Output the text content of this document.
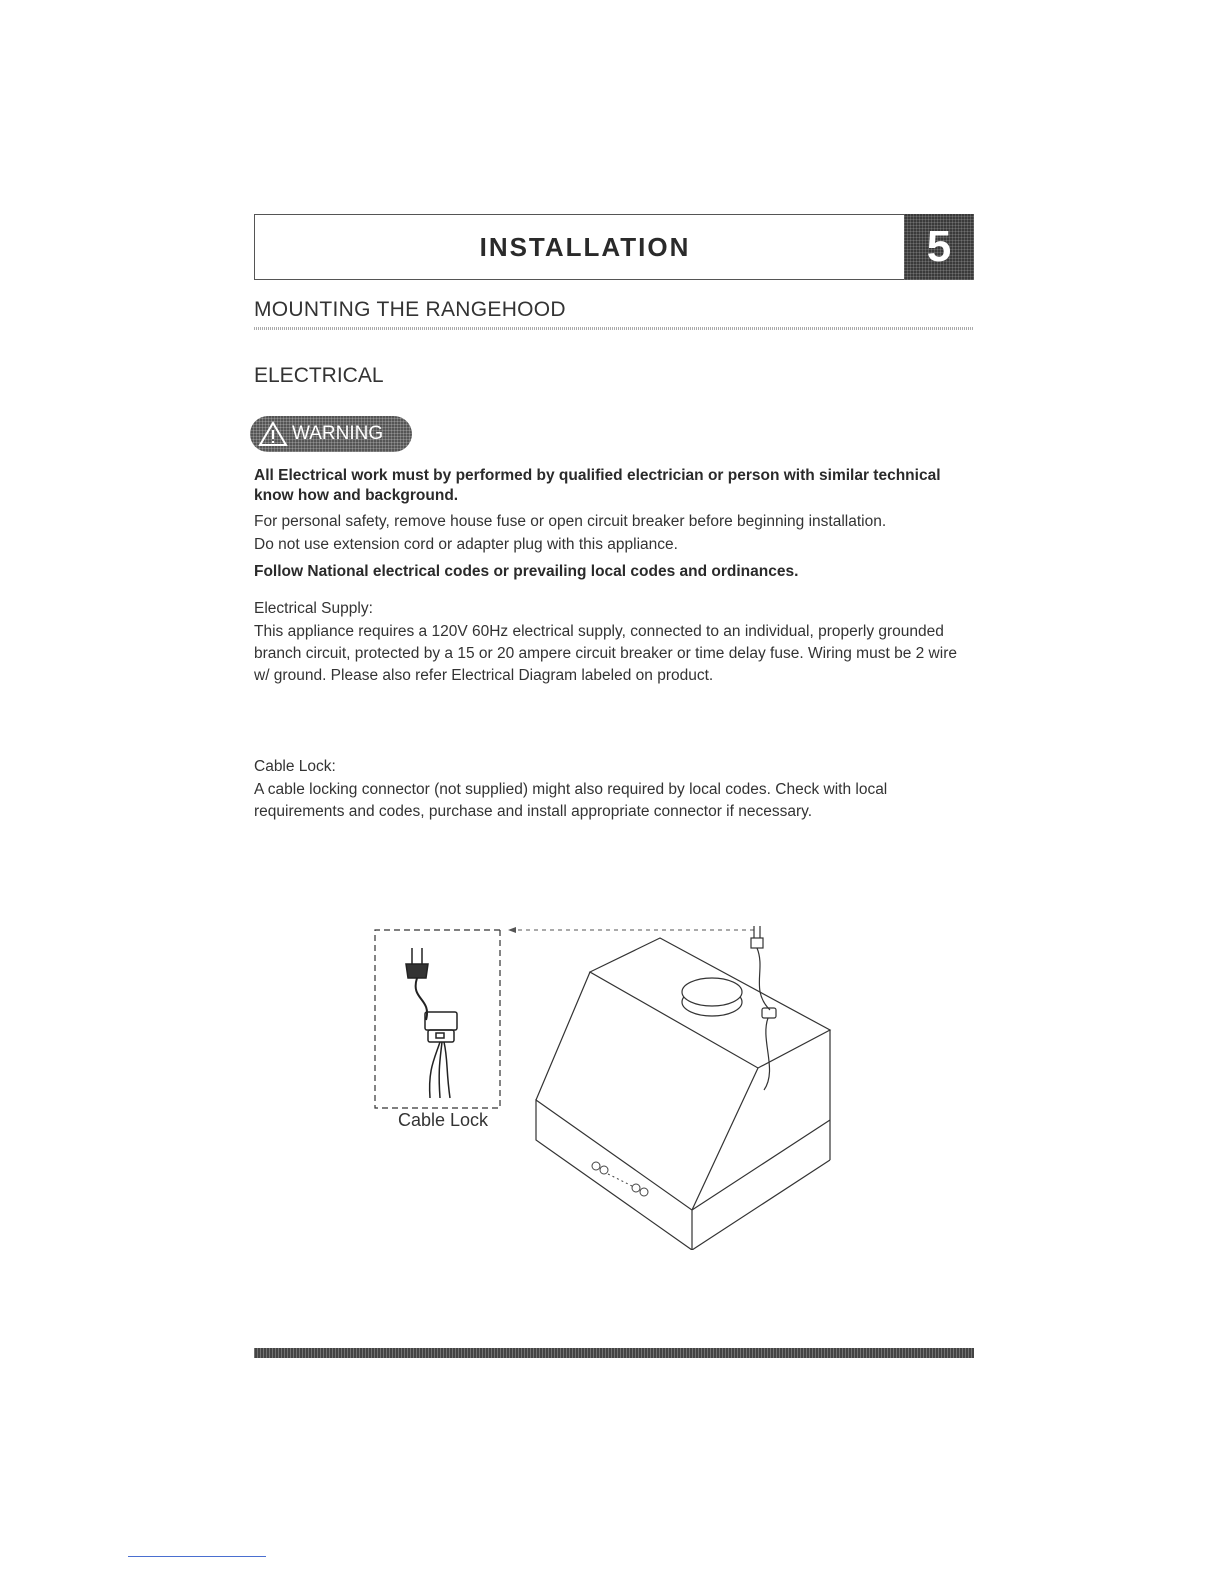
INSTALLATION	5
MOUNTING THE RANGEHOOD
ELECTRICAL
WARNING
All Electrical work must by performed by qualified electrician or person with similar technical know how and background.
For personal safety, remove house fuse or open circuit breaker before beginning installation.
Do not use extension cord or adapter plug with this appliance.
Follow National electrical codes or prevailing local codes and ordinances.
Electrical Supply:
This appliance requires a 120V 60Hz electrical supply, connected to an individual, properly grounded branch circuit, protected by a 15 or 20 ampere circuit breaker or time delay fuse. Wiring must be 2 wire w/ ground. Please also refer Electrical Diagram labeled on product.
Cable Lock:
A cable locking connector (not supplied) might also required by local codes. Check with local requirements and codes, purchase and install appropriate connector if necessary.
Cable Lock
